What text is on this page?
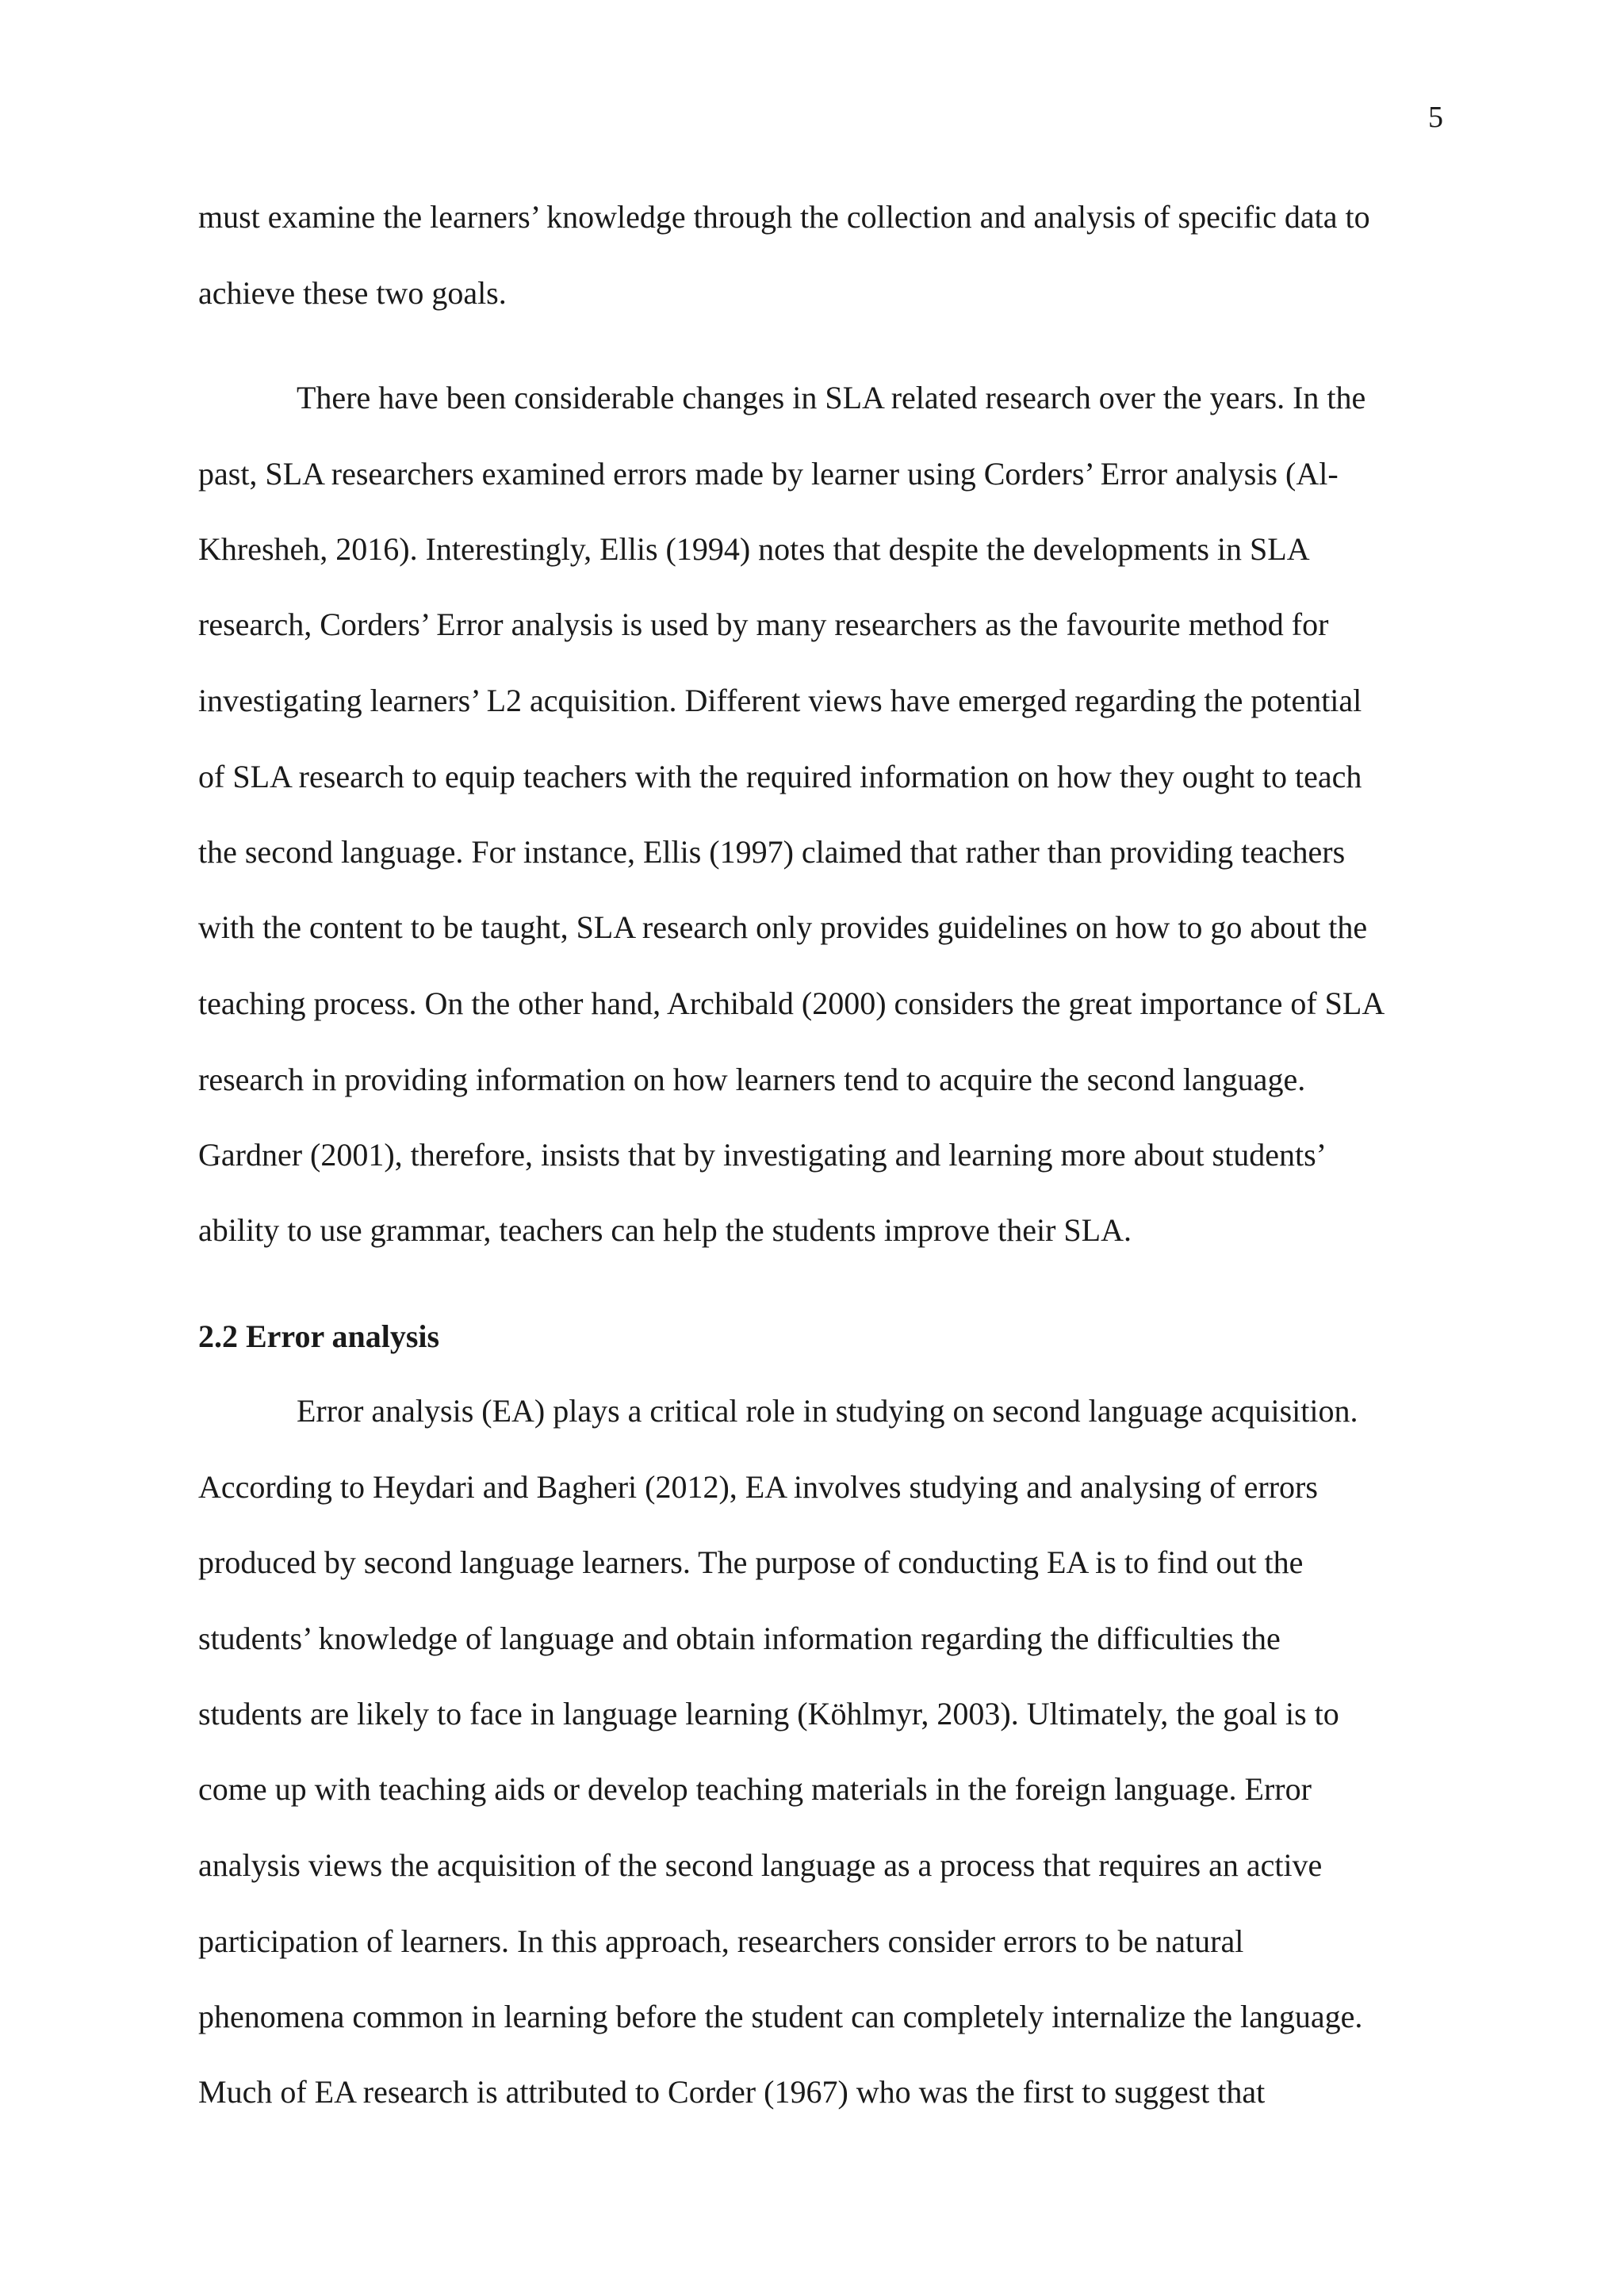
5
must examine the learners’ knowledge through the collection and analysis of specific data to
achieve these two goals.
There have been considerable changes in SLA related research over the years. In the
past, SLA researchers examined errors made by learner using Corders’ Error analysis (Al-
Khresheh, 2016). Interestingly, Ellis (1994) notes that despite the developments in SLA
research, Corders’ Error analysis is used by many researchers as the favourite method for
investigating learners’ L2 acquisition. Different views have emerged regarding the potential
of SLA research to equip teachers with the required information on how they ought to teach
the second language. For instance, Ellis (1997) claimed that rather than providing teachers
with the content to be taught, SLA research only provides guidelines on how to go about the
teaching process. On the other hand, Archibald (2000) considers the great importance of SLA
research in providing information on how learners tend to acquire the second language.
Gardner (2001), therefore, insists that by investigating and learning more about students’
ability to use grammar, teachers can help the students improve their SLA.
2.2 Error analysis
Error analysis (EA) plays a critical role in studying on second language acquisition.
According to Heydari and Bagheri (2012), EA involves studying and analysing of errors
produced by second language learners. The purpose of conducting EA is to find out the
students’ knowledge of language and obtain information regarding the difficulties the
students are likely to face in language learning (Köhlmyr, 2003). Ultimately, the goal is to
come up with teaching aids or develop teaching materials in the foreign language. Error
analysis views the acquisition of the second language as a process that requires an active
participation of learners. In this approach, researchers consider errors to be natural
phenomena common in learning before the student can completely internalize the language.
Much of EA research is attributed to Corder (1967) who was the first to suggest that
